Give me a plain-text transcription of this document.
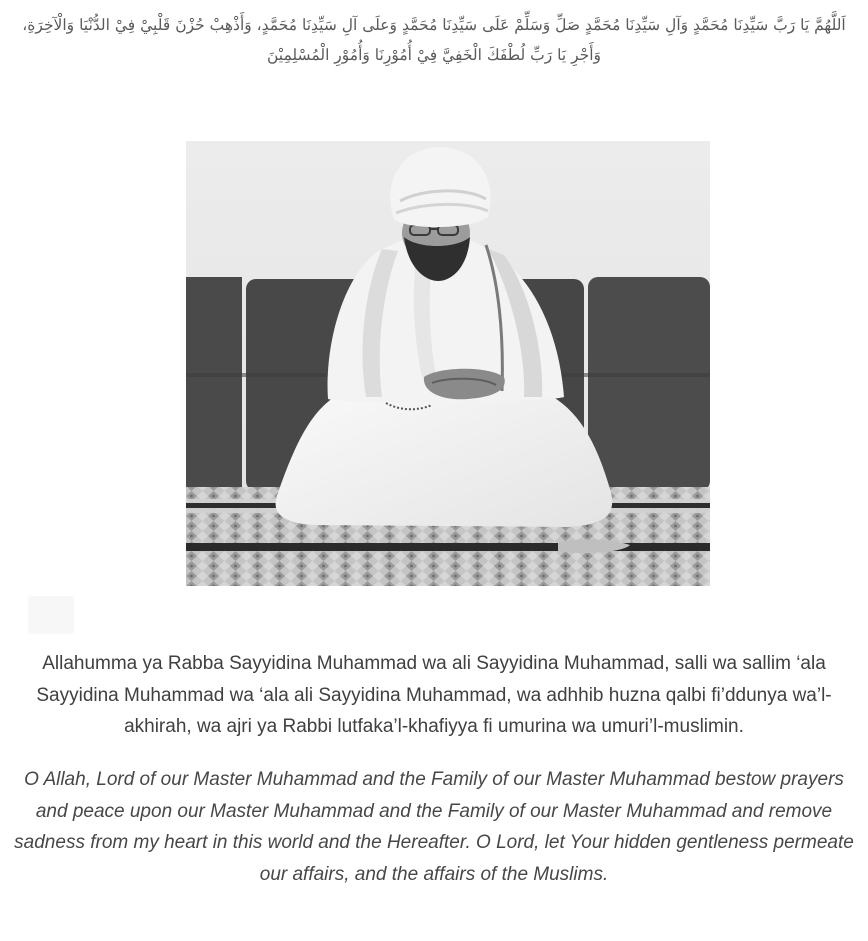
اَللَّهُمَّ يَا رَبَّ سَيِّدِنَا مُحَمَّدٍ وَآلِ سَيِّدِنَا مُحَمَّدٍ صَلِّ وَسَلِّمْ عَلَى سَيِّدِنَا مُحَمَّدٍ وَعلَى آلِ سَيِّدِنَا مُحَمَّدٍ، وَأَذْهِبْ حُزْنَ قَلْبِيْ فِيْ الدُّنْيَا وَالْآخِرَةِ، وَأَجْرِ يَا رَبِّ لُطْفَكَ الْخَفِيَّ فِيْ أُمُوْرِنَا وَأُمُوْرِ الْمُسْلِمِيْنَ

Allahumma ya Rabba Sayyidina Muhammad wa ali Sayyidina Muhammad, salli wa sallim ‘ala Sayyidina Muhammad wa ‘ala ali Sayyidina Muhammad, wa adhhib huzna qalbi fi’ddunya wa’l-akhirah, wa ajri ya Rabbi lutfaka’l-khafiyya fi umurina wa umuri’l-muslimin.

O Allah, Lord of our Master Muhammad and the Family of our Master Muhammad bestow prayers and peace upon our Master Muhammad and the Family of our Master Muhammad and remove sadness from my heart in this world and the Hereafter. O Lord, let Your hidden gentleness permeate our affairs, and the affairs of the Muslims.
